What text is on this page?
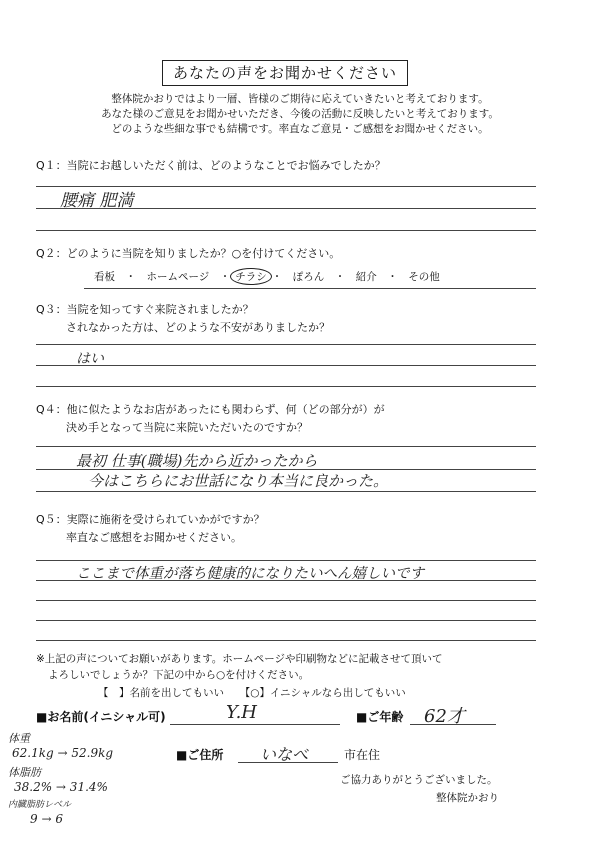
あなたの声をお聞かせください
整体院かおりではより一層、皆様のご期待に応えていきたいと考えております。
あなた様のご意見をお聞かせいただき、今後の活動に反映したいと考えております。
どのような些細な事でも結構です。率直なご意見・ご感想をお聞かせください。
Q１：当院にお越しいただく前は、どのようなことでお悩みでしたか？
腰痛 肥満
Q２：どのように当院を知りましたか？○を付けてください。
看板　・　ホームページ　・ チラシ ・　ぽろん　・　紹介　・　その他
Q３：当院を知ってすぐ来院されましたか？
されなかった方は、どのような不安がありましたか？
はい
Q４：他に似たようなお店があったにも関わらず、何（どの部分が）が
決め手となって当院に来院いただいたのですか？
最初 仕事(職場)先から近かったから
今はこちらにお世話になり本当に良かった。
Q５：実際に施術を受けられていかがですか？
率直なご感想をお聞かせください。
ここまで体重が落ち健康的になりたいへん嬉しいです
※上記の声についてお願いがあります。ホームページや印刷物などに記載させて頂いて
よろしいでしょうか？下記の中から○を付けください。
【　】名前を出してもいい　　 【○】イニシャルなら出してもいい
■お名前(イニシャル可)	Y.H	■ご年齢 62才
■ご住所 いなべ	市在住
ご協力ありがとうございました。
整体院かおり
体重
62.1kg → 52.9kg
体脂肪
38.2% → 31.4%
内臓脂肪レベル
9 → 6
